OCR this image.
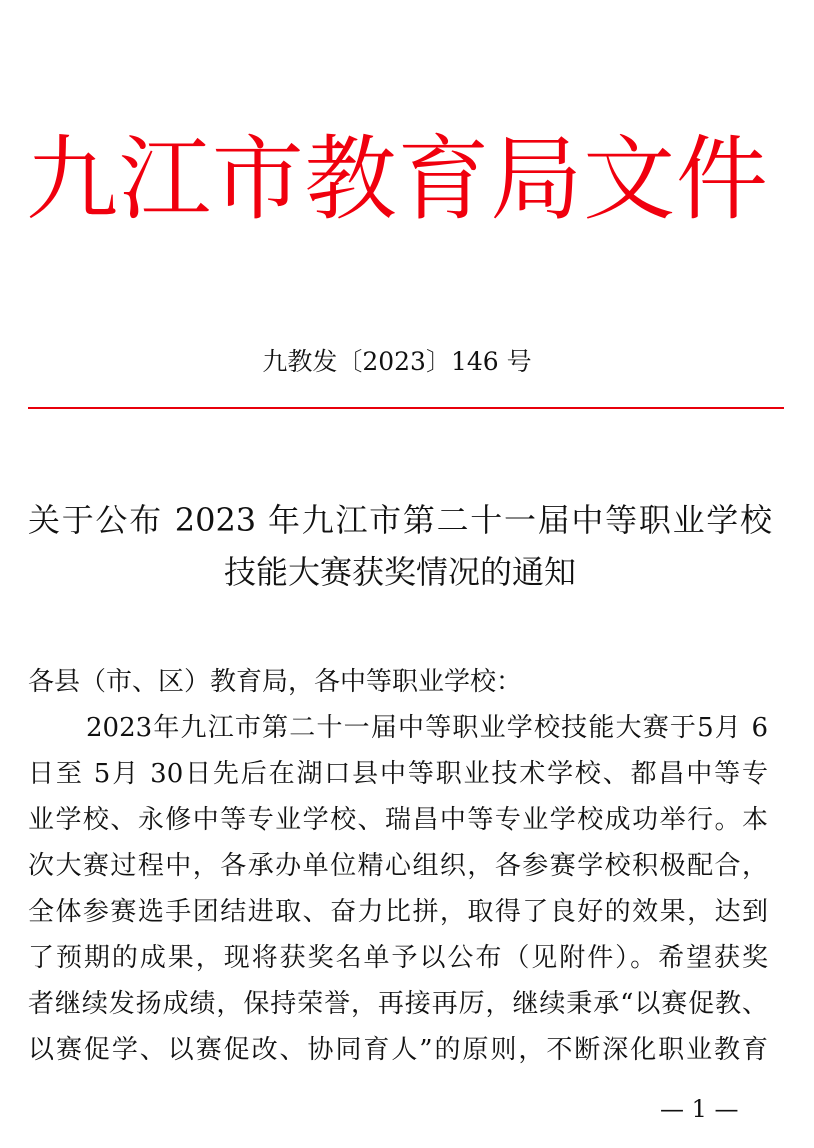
九 江 市 教 育 局 文 件
九教发〔2023〕146 号
关于公布 2023 年九江市第二十一届中等职业学校
技能大赛获奖情况的通知
各县（市、区）教育局，各中等职业学校：
2023年九江市第二十一届中等职业学校技能大赛于5月 6
日至 5月 30日先后在湖口县中等职业技术学校、都昌中等专
业学校、永修中等专业学校、瑞昌中等专业学校成功举行。本
次大赛过程中，各承办单位精心组织，各参赛学校积极配合，
全体参赛选手团结进取、奋力比拼，取得了良好的效果，达到
了预期的成果，现将获奖名单予以公布（见附件）。希望获奖
者继续发扬成绩，保持荣誉，再接再厉，继续秉承“以赛促教、
以赛促学、以赛促改、协同育人”的原则，不断深化职业教育
— 1 —
